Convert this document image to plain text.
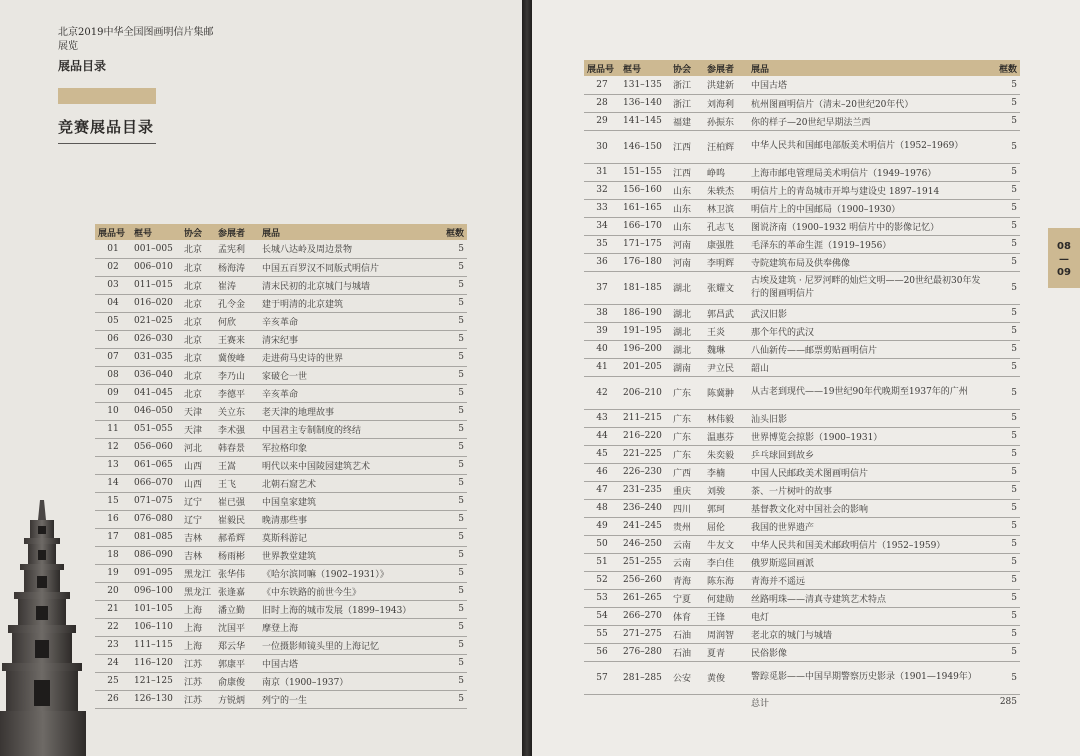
北京2019中华全国图画明信片集邮展览
展品目录
竞赛展品目录
展品号	框号	协会	参展者	展品	框数
01	001–005	北京	孟宪利	长城八达岭及周边景物	5
02	006–010	北京	杨海涛	中国五百罗汉不同版式明信片	5
03	011–015	北京	崔涛	清末民初的北京城门与城墙	5
04	016–020	北京	孔令金	建于明清的北京建筑	5
05	021–025	北京	何欣	辛亥革命	5
06	026–030	北京	王赛来	清宋纪事	5
07	031–035	北京	冀俊峰	走进荷马史诗的世界	5
08	036–040	北京	李乃山	家破仑一世	5
09	041–045	北京	李德平	辛亥革命	5
10	046–050	天津	关立东	老天津的地理故事	5
11	051–055	天津	李术强	中国君主专制制度的终结	5
12	056–060	河北	韩春景	军拉格印象	5
13	061–065	山西	王嵩	明代以来中国陵园建筑艺术	5
14	066–070	山西	王飞	北朝石窟艺术	5
15	071–075	辽宁	崔已强	中国皇家建筑	5
16	076–080	辽宁	崔毅民	晚清那些事	5
17	081–085	吉林	郝希辉	莫斯科游记	5
18	086–090	吉林	杨雨彬	世界教堂建筑	5
19	091–095	黑龙江	张华伟	《哈尔滨同嘛（1902–1931）》	5
20	096–100	黑龙江	张逢嘉	《中东铁路的前世今生》	5
21	101–105	上海	潘立勤	旧时上海的城市发展（1899–1943）	5
22	106–110	上海	沈国平	摩登上海	5
23	111–115	上海	郑云华	一位摄影师镜头里的上海记忆	5
24	116–120	江苏	郭康平	中国古塔	5
25	121–125	江苏	俞康俊	南京（1900–1937）	5
26	126–130	江苏	方锐炳	列宁的一生	5
展品号	框号	协会	参展者	展品	框数
27	131–135	浙江	洪建新	中国古塔	5
28	136–140	浙江	刘海利	杭州图画明信片（清末–20世纪20年代）	5
29	141–145	福建	孙振东	你的样子—20世纪早期法兰西	5
30	146–150	江西	汪柏辉	中华人民共和国邮电部版美术明信片（1952–1969）	5
31	151–155	江西	峥鸣	上海市邮电管理局美术明信片（1949–1976）	5
32	156–160	山东	朱轶杰	明信片上的青岛城市开埠与建设史 1897–1914	5
33	161–165	山东	林卫滨	明信片上的中国邮局（1900–1930）	5
34	166–170	山东	孔志飞	图说济南（1900–1932 明信片中的影像记忆）	5
35	171–175	河南	康强胜	毛泽东的革命生涯（1919–1956）	5
36	176–180	河南	李明辉	寺院建筑布局及供奉佛像	5
37	181–185	湖北	张耀文	古埃及建筑 · 尼罗河畔的灿烂文明——20世纪最初30年发行的图画明信片	5
38	186–190	湖北	郭昌武	武汉旧影	5
39	191–195	湖北	王炎	那个年代的武汉	5
40	196–200	湖北	魏琳	八仙新传——邮票剪贴画明信片	5
41	201–205	湖南	尹立民	韶山	5
42	206–210	广东	陈冀翀	从古老到现代——19世纪90年代晚期至1937年的广州	5
43	211–215	广东	林伟毅	汕头旧影	5
44	216–220	广东	温惠芬	世界博览会掠影（1900–1931）	5
45	221–225	广东	朱奕毅	乒乓球回到故乡	5
46	226–230	广西	李楠	中国人民邮政美术图画明信片	5
47	231–235	重庆	刘骏	茶、一片树叶的故事	5
48	236–240	四川	郭珂	基督教文化对中国社会的影响	5
49	241–245	贵州	屈伦	我国的世界遗产	5
50	246–250	云南	牛友文	中华人民共和国美术邮政明信片（1952–1959）	5
51	251–255	云南	李白佳	俄罗斯巡回画派	5
52	256–260	青海	陈东海	青海并不遥远	5
53	261–265	宁夏	何建勋	丝路明珠——清真寺建筑艺术特点	5
54	266–270	体育	王锋	电灯	5
55	271–275	石油	周润智	老北京的城门与城墙	5
56	276–280	石油	夏青	民俗影像	5
57	281–285	公安	黄俊	警踪觅影——中国早期警察历史影录（1901—1949年）	5
				总计	285
08
—
09
